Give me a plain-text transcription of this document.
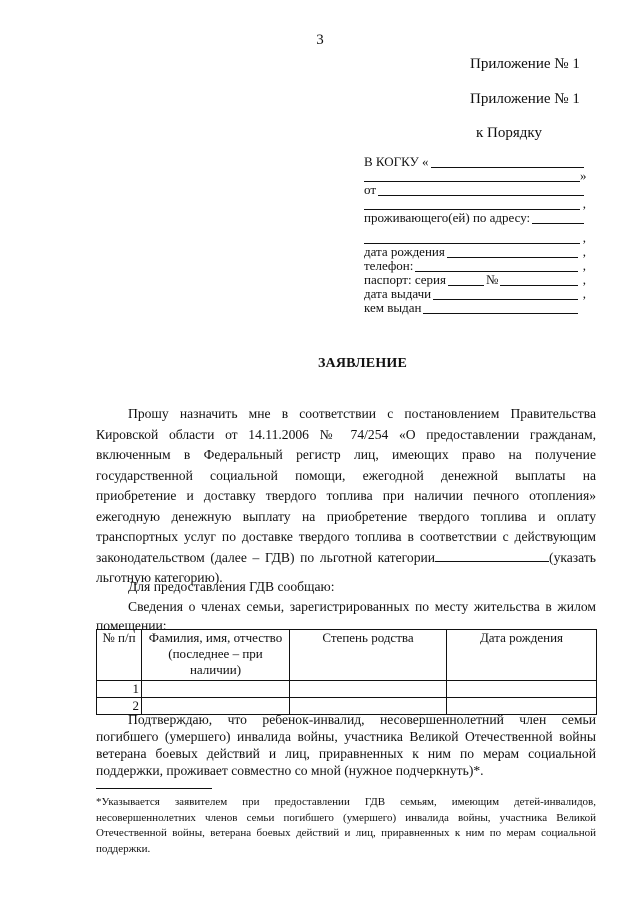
3
Приложение № 1
Приложение № 1
к Порядку
В КОГКУ «
»
от
,
проживающего(ей) по адресу:
,
дата рождения	,
телефон:	,
паспорт: серия	№	,
дата выдачи	,
кем выдан
ЗАЯВЛЕНИЕ

Прошу назначить мне в соответствии с постановлением Правительства Кировской области от 14.11.2006 № 74/254 «О предоставлении гражданам, включенным в Федеральный регистр лиц, имеющих право на получение государственной социальной помощи, ежегодной денежной выплаты на приобретение и доставку твердого топлива при наличии печного отопления» ежегодную денежную выплату на приобретение твердого топлива и оплату транспортных услуг по доставке твердого топлива в соответствии с действующим законодательством (далее – ГДВ) по льготной категории	(указать льготную категорию).

Для предоставления ГДВ сообщаю:

Сведения о членах семьи, зарегистрированных по месту жительства в жилом помещении:

№ п/п	Фамилия, имя, отчество (последнее – при наличии)	Степень родства	Дата рождения
1			
2			

Подтверждаю, что ребенок-инвалид, несовершеннолетний член семьи погибшего (умершего) инвалида войны, участника Великой Отечественной войны ветерана боевых действий и лиц, приравненных к ним по мерам социальной поддержки, проживает совместно со мной (нужное подчеркнуть)*.

*Указывается заявителем при предоставлении ГДВ семьям, имеющим детей-инвалидов, несовершеннолетних членов семьи погибшего (умершего) инвалида войны, участника Великой Отечественной войны, ветерана боевых действий и лиц, приравненных к ним по мерам социальной поддержки.
